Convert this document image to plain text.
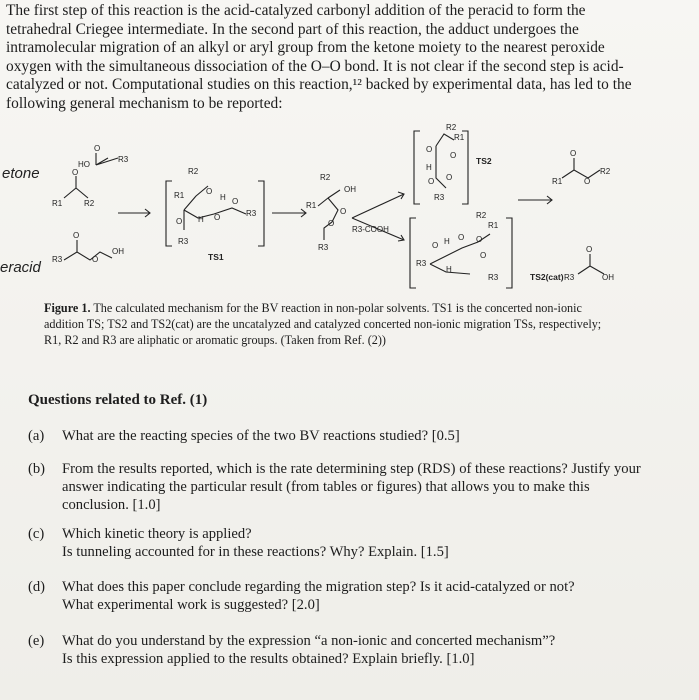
The first step of this reaction is the acid-catalyzed carbonyl addition of the peracid to form the tetrahedral Criegee intermediate. In the second part of this reaction, the adduct undergoes the intramolecular migration of an alkyl or aryl group from the ketone moiety to the nearest peroxide oxygen with the simultaneous dissociation of the O–O bond. It is not clear if the second step is acid- catalyzed or not. Computational studies on this reaction,¹² backed by experimental data, has led to the following general mechanism to be reported:

etone
eracid
O
R1	R2
HO
O
R3
O
R3	O
OH
R2
R1	O
H O
H O	R3
O
R3
TS1
R2
R1
OH
O
O
R3
R3-COOH
R2
R1
O
O
H
O O
R3
TS2
R2
R1
O H O O
R3
H
O
R3	TS2(cat)
O
R1	O
R2
O
R3	OH

Figure 1. The calculated mechanism for the BV reaction in non-polar solvents. TS1 is the concerted non-ionic
addition TS; TS2 and TS2(cat) are the uncatalyzed and catalyzed concerted non-ionic migration TSs, respectively;
R1, R2 and R3 are aliphatic or aromatic groups. (Taken from Ref. (2))

Questions related to Ref. (1)
(a) What are the reacting species of the two BV reactions studied? [0.5]
(b) From the results reported, which is the rate determining step (RDS) of these reactions? Justify your
answer indicating the particular result (from tables or figures) that allows you to make this
conclusion. [1.0]
(c) Which kinetic theory is applied?
Is tunneling accounted for in these reactions? Why? Explain. [1.5]
(d) What does this paper conclude regarding the migration step? Is it acid-catalyzed or not?
What experimental work is suggested? [2.0]
(e) What do you understand by the expression “a non-ionic and concerted mechanism”?
Is this expression applied to the results obtained? Explain briefly. [1.0]
